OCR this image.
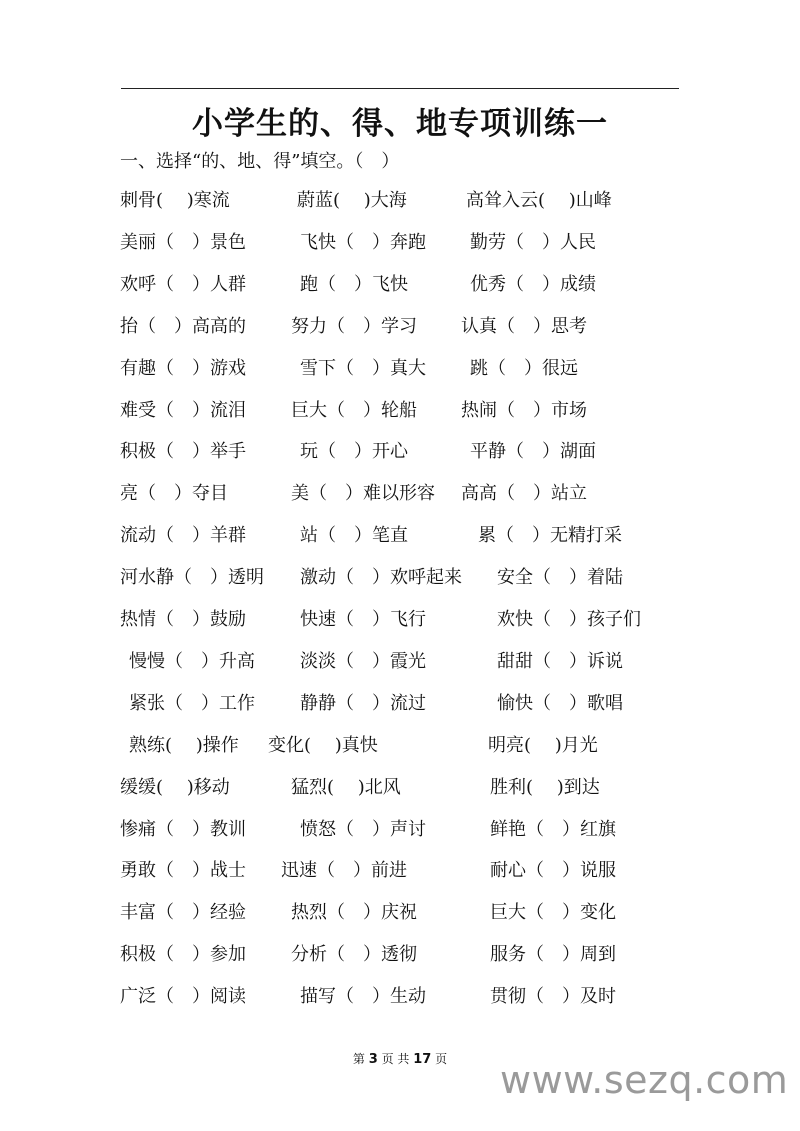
小学生的、得、地专项训练一
一、选择“的、地、得”填空。（　）
刺骨(　 )寒流	蔚蓝(　 )大海	高耸入云(　 )山峰
美丽（　）景色	飞快（　）奔跑 勤劳（　）人民
欢呼（　）人群	跑（　）飞快	优秀（　）成绩
抬（　）高高的	努力（　）学习 认真（　）思考
有趣（　）游戏	雪下（　）真大 跳（　）很远
难受（　）流泪	巨大（　）轮船 热闹（　）市场
积极（　）举手	玩（　）开心	平静（　）湖面
亮（　）夺目	美（　）难以形容 高高（　）站立
流动（　）羊群	站（　）笔直	累（　）无精打采
河水静（　）透明 激动（　）欢呼起来 安全（　）着陆
热情（　）鼓励	快速（　）飞行	欢快（　）孩子们
慢慢（　）升高	淡淡（　）霞光	甜甜（　）诉说
紧张（　）工作	静静（　）流过	愉快（　）歌唱
熟练(　 )操作 变化(　 )真快	明亮(　 )月光
缓缓(　 )移动	猛烈(　 )北风	胜利(　 )到达
惨痛（　）教训	愤怒（　）声讨	鲜艳（　）红旗
勇敢（　）战士 迅速（　）前进	耐心（　）说服
丰富（　）经验	热烈（　）庆祝	巨大（　）变化
积极（　）参加	分析（　）透彻	服务（　）周到
广泛（　）阅读	描写（　）生动	贯彻（　）及时
第 3 页 共 17 页	www.sezq.com
